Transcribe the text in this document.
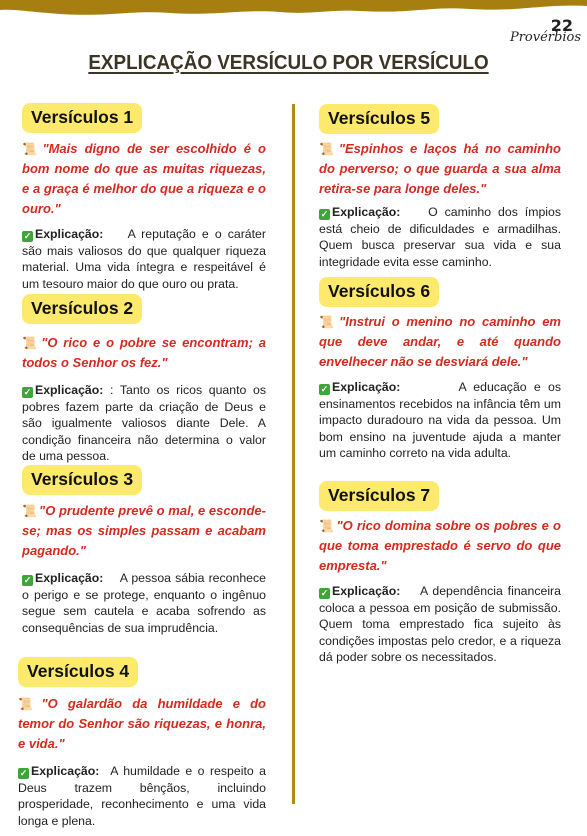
22
Provérbios
EXPLICAÇÃO VERSÍCULO POR VERSÍCULO
Versículos 1
📜 "Mais digno de ser escolhido é o bom nome do que as muitas riquezas, e a graça é melhor do que a riqueza e o ouro."
✓ Explicação: A reputação e o caráter são mais valiosos do que qualquer riqueza material. Uma vida íntegra e respeitável é um tesouro maior do que ouro ou prata.
Versículos 2
📜 "O rico e o pobre se encontram; a todos o Senhor os fez."
✓ Explicação: : Tanto os ricos quanto os pobres fazem parte da criação de Deus e são igualmente valiosos diante Dele. A condição financeira não determina o valor de uma pessoa.
Versículos 3
📜 "O prudente prevê o mal, e esconde-se; mas os simples passam e acabam pagando."
✓ Explicação: A pessoa sábia reconhece o perigo e se protege, enquanto o ingênuo segue sem cautela e acaba sofrendo as consequências de sua imprudência.
Versículos 4
📜 "O galardão da humildade e do temor do Senhor são riquezas, e honra, e vida."
✓ Explicação: A humildade e o respeito a Deus trazem bênçãos, incluindo prosperidade, reconhecimento e uma vida longa e plena.
Versículos 5
📜 "Espinhos e laços há no caminho do perverso; o que guarda a sua alma retira-se para longe deles."
✓ Explicação: O caminho dos ímpios está cheio de dificuldades e armadilhas. Quem busca preservar sua vida e sua integridade evita esse caminho.
Versículos 6
📜 "Instrui o menino no caminho em que deve andar, e até quando envelhecer não se desviará dele."
✓ Explicação:	A educação e os ensinamentos recebidos na infância têm um impacto duradouro na vida da pessoa. Um bom ensino na juventude ajuda a manter um caminho correto na vida adulta.
Versículos 7
📜 "O rico domina sobre os pobres e o que toma emprestado é servo do que empresta."
✓ Explicação: A dependência financeira coloca a pessoa em posição de submissão. Quem toma emprestado fica sujeito às condições impostas pelo credor, e a riqueza dá poder sobre os necessitados.
